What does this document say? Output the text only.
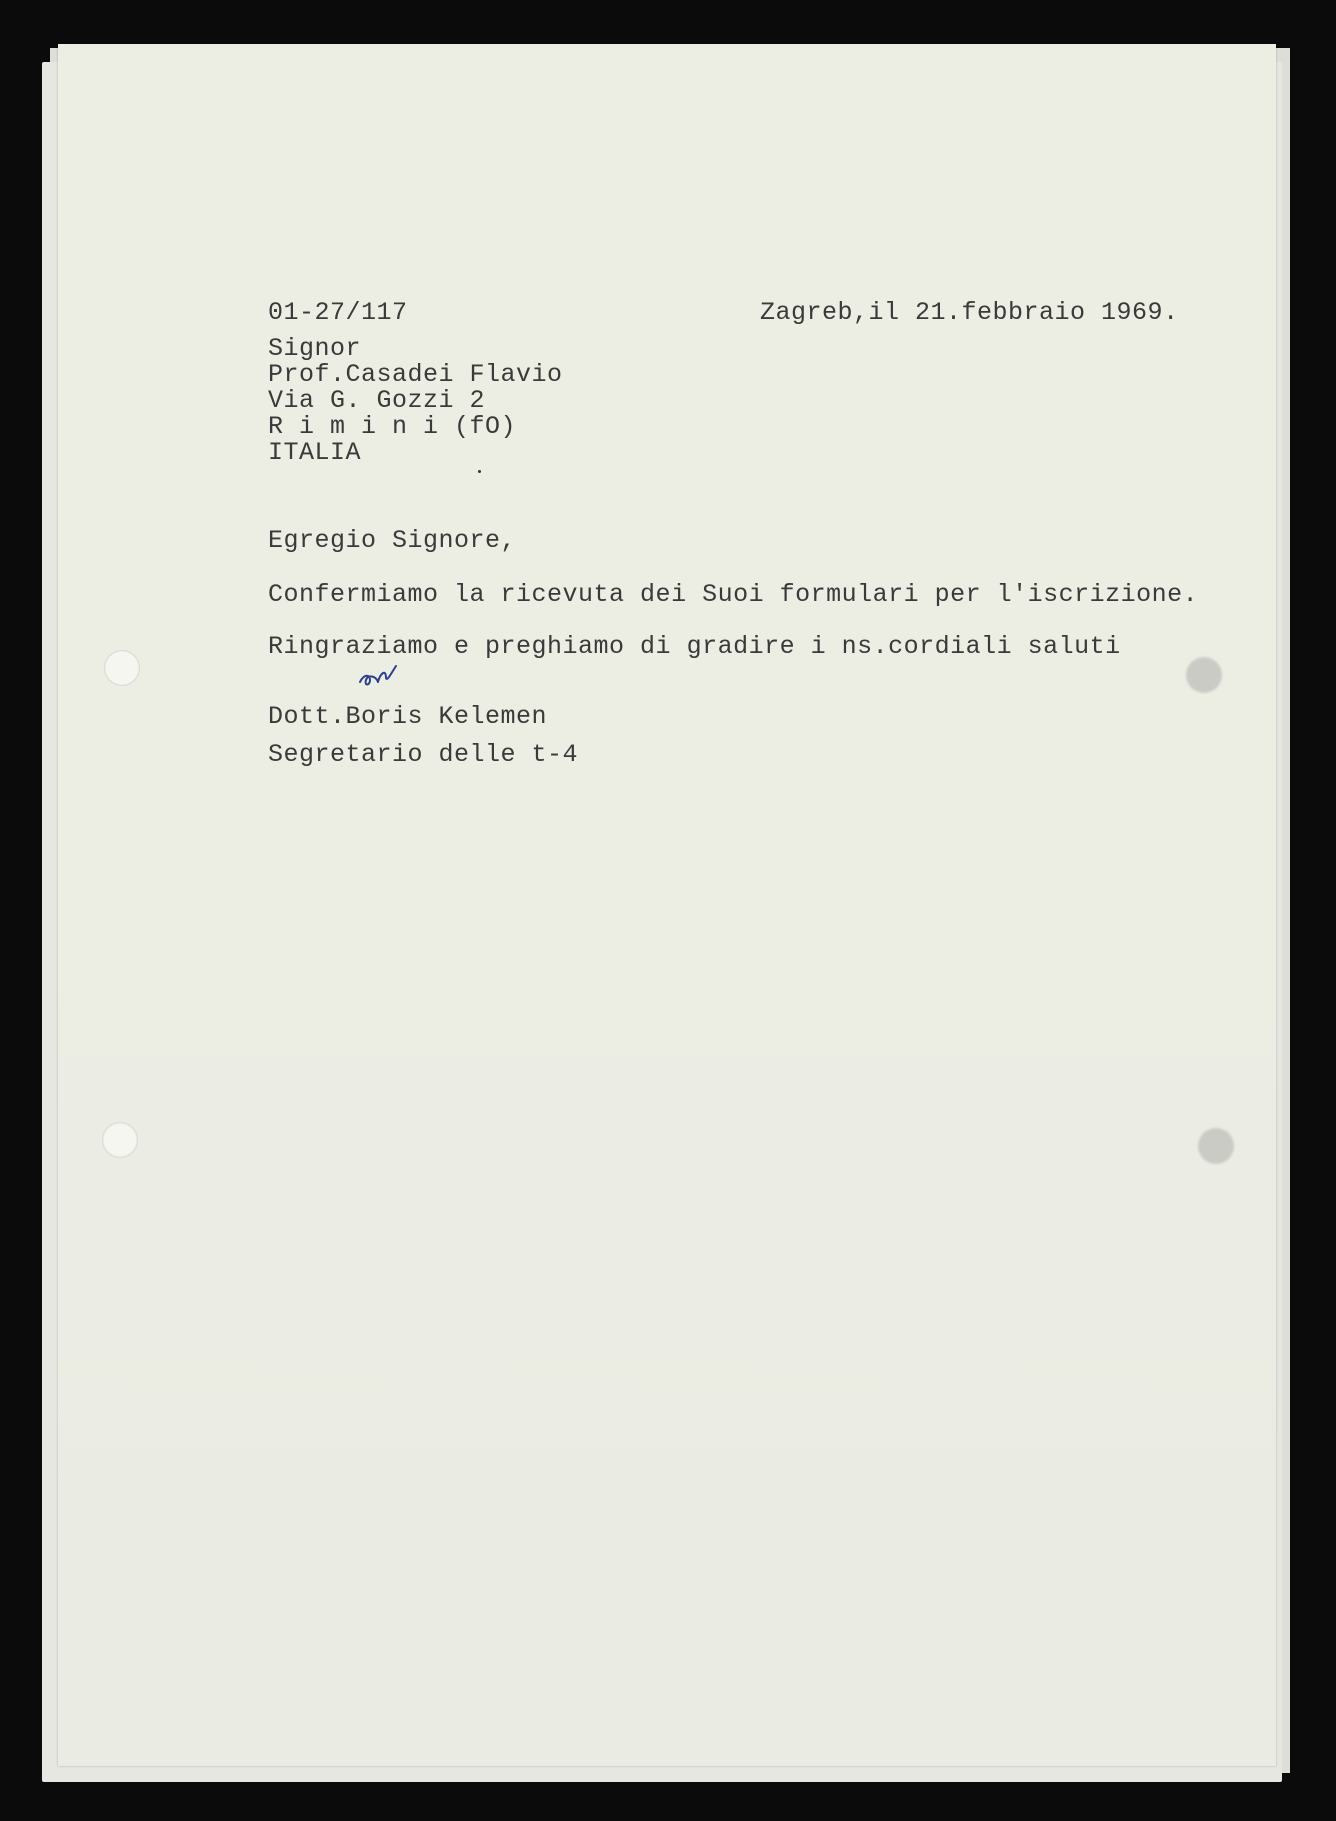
01-27/117	Zagreb,il 21.febbraio 1969.
Signor
Prof.Casadei Flavio
Via G. Gozzi 2
R i m i n i (fO)
ITALIA
Egregio Signore,
Confermiamo la ricevuta dei Suoi formulari per l'iscrizione.
Ringraziamo e preghiamo di gradire i ns.cordiali saluti
Dott.Boris Kelemen
Segretario delle t-4
